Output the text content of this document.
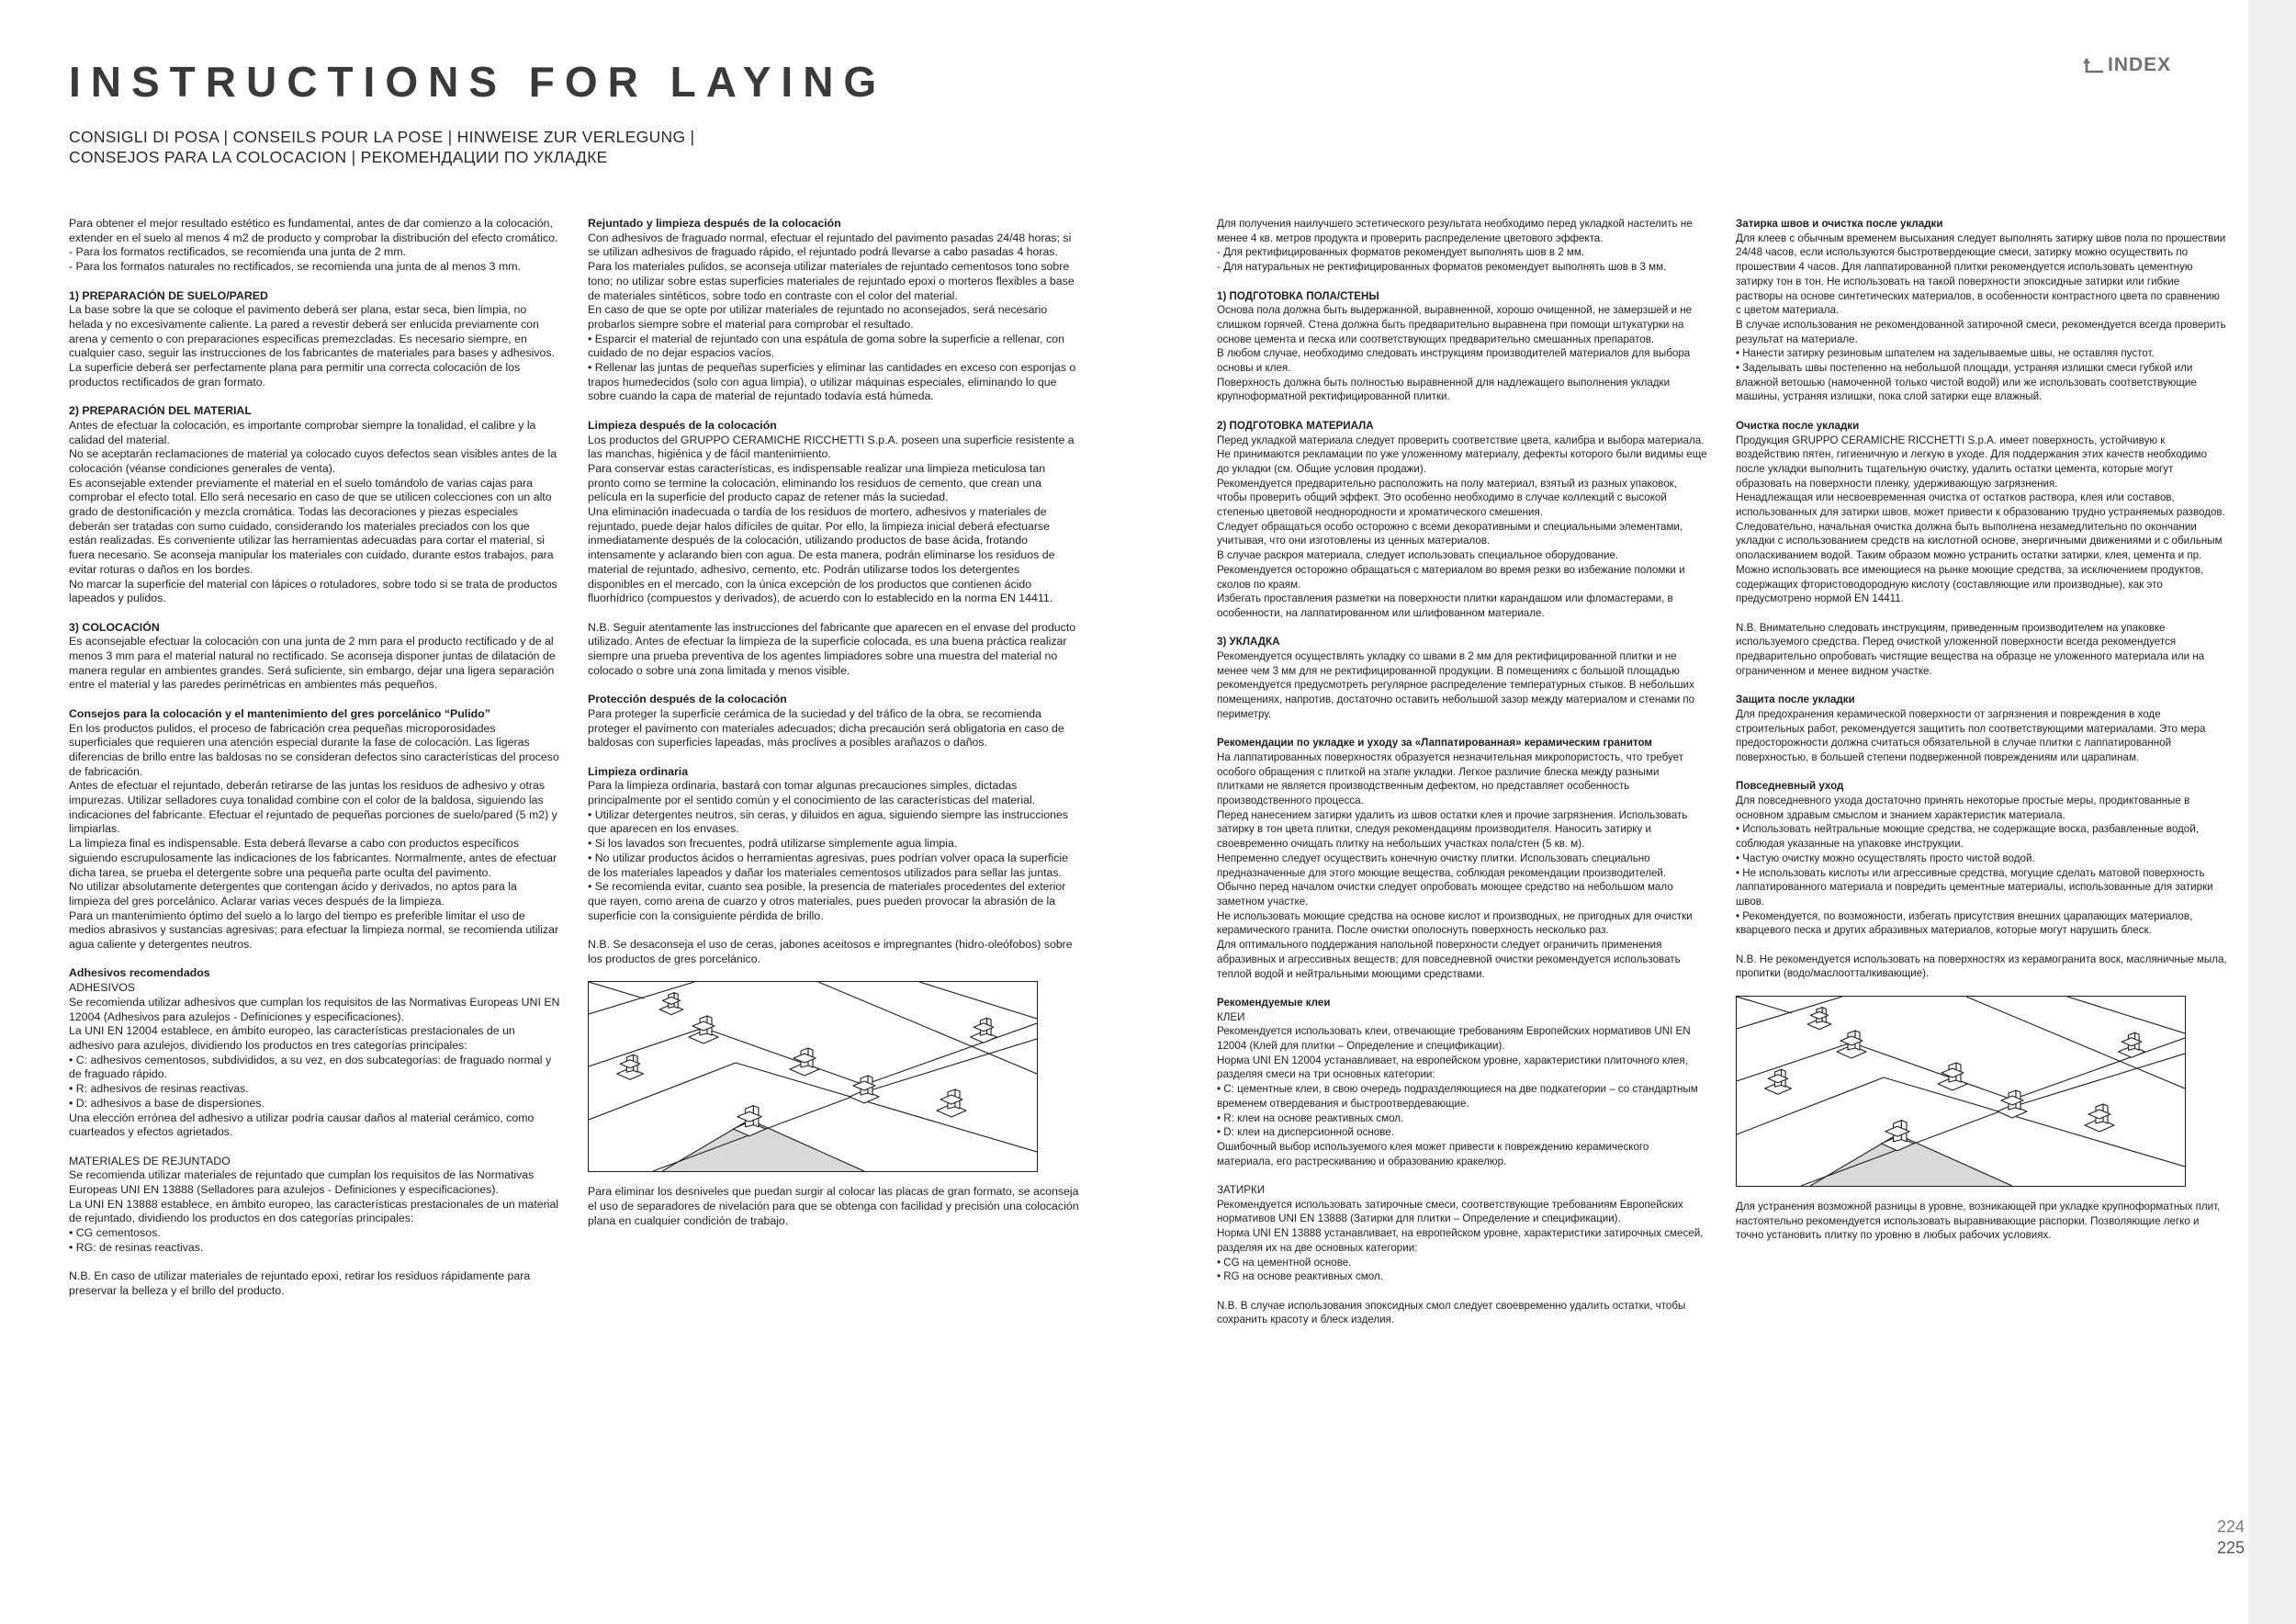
INSTRUCTIONS FOR LAYING
CONSIGLI DI POSA | CONSEILS POUR LA POSE | HINWEISE ZUR VERLEGUNG |
CONSEJOS PARA LA COLOCACION | РЕКОМЕНДАЦИИ ПО УКЛАДКЕ
INDEX
224
225

Para obtener el mejor resultado estético es fundamental, antes de dar comienzo a la colocación, extender en el suelo al menos 4 m2 de producto y comprobar la distribución del efecto cromático.

- Para los formatos rectificados, se recomienda una junta de 2 mm.

- Para los formatos naturales no rectificados, se recomienda una junta de al menos 3 mm.

1) PREPARACIÓN DE SUELO/PARED

La base sobre la que se coloque el pavimento deberá ser plana, estar seca, bien limpia, no helada y no excesivamente caliente. La pared a revestir deberá ser enlucida previamente con arena y cemento o con preparaciones específicas premezcladas. Es necesario siempre, en cualquier caso, seguir las instrucciones de los fabricantes de materiales para bases y adhesivos.

La superficie deberá ser perfectamente plana para permitir una correcta colocación de los productos rectificados de gran formato.

2) PREPARACIÓN DEL MATERIAL

Antes de efectuar la colocación, es importante comprobar siempre la tonalidad, el calibre y la calidad del material.

No se aceptarán reclamaciones de material ya colocado cuyos defectos sean visibles antes de la colocación (véanse condiciones generales de venta).

Es aconsejable extender previamente el material en el suelo tomándolo de varias cajas para comprobar el efecto total. Ello será necesario en caso de que se utilicen colecciones con un alto grado de destonificación y mezcla cromática. Todas las decoraciones y piezas especiales deberán ser tratadas con sumo cuidado, considerando los materiales preciados con los que están realizadas. Es conveniente utilizar las herramientas adecuadas para cortar el material, si fuera necesario. Se aconseja manipular los materiales con cuidado, durante estos trabajos, para evitar roturas o daños en los bordes.

No marcar la superficie del material con lápices o rotuladores, sobre todo si se trata de productos lapeados y pulidos.

3) COLOCACIÓN

Es aconsejable efectuar la colocación con una junta de 2 mm para el producto rectificado y de al menos 3 mm para el material natural no rectificado. Se aconseja disponer juntas de dilatación de manera regular en ambientes grandes. Será suficiente, sin embargo, dejar una ligera separación entre el material y las paredes perimétricas en ambientes más pequeños.

Consejos para la colocación y el mantenimiento del gres porcelánico “Pulido”

En los productos pulidos, el proceso de fabricación crea pequeñas microporosidades superficiales que requieren una atención especial durante la fase de colocación. Las ligeras diferencias de brillo entre las baldosas no se consideran defectos sino características del proceso de fabricación.

Antes de efectuar el rejuntado, deberán retirarse de las juntas los residuos de adhesivo y otras impurezas. Utilizar selladores cuya tonalidad combine con el color de la baldosa, siguiendo las indicaciones del fabricante. Efectuar el rejuntado de pequeñas porciones de suelo/pared (5 m2) y limpiarlas.

La limpieza final es indispensable. Esta deberá llevarse a cabo con productos específicos siguiendo escrupulosamente las indicaciones de los fabricantes. Normalmente, antes de efectuar dicha tarea, se prueba el detergente sobre una pequeña parte oculta del pavimento.

No utilizar absolutamente detergentes que contengan ácido y derivados, no aptos para la limpieza del gres porcelánico. Aclarar varias veces después de la limpieza.

Para un mantenimiento óptimo del suelo a lo largo del tiempo es preferible limitar el uso de medios abrasivos y sustancias agresivas; para efectuar la limpieza normal, se recomienda utilizar agua caliente y detergentes neutros.

Adhesivos recomendados

ADHESIVOS

Se recomienda utilizar adhesivos que cumplan los requisitos de las Normativas Europeas UNI EN 12004 (Adhesivos para azulejos - Definiciones y especificaciones).

La UNI EN 12004 establece, en ámbito europeo, las características prestacionales de un adhesivo para azulejos, dividiendo los productos en tres categorías principales:

• C: adhesivos cementosos, subdivididos, a su vez, en dos subcategorías: de fraguado normal y de fraguado rápido.

• R: adhesivos de resinas reactivas.

• D: adhesivos a base de dispersiones.

Una elección errónea del adhesivo a utilizar podría causar daños al material cerámico, como cuarteados y efectos agrietados.

MATERIALES DE REJUNTADO

Se recomienda utilizar materiales de rejuntado que cumplan los requisitos de las Normativas Europeas UNI EN 13888 (Selladores para azulejos - Definiciones y especificaciones).

La UNI EN 13888 establece, en ámbito europeo, las características prestacionales de un material de rejuntado, dividiendo los productos en dos categorías principales:

• CG cementosos.

• RG: de resinas reactivas.

N.B. En caso de utilizar materiales de rejuntado epoxi, retirar los residuos rápidamente para preservar la belleza y el brillo del producto.

Rejuntado y limpieza después de la colocación

Con adhesivos de fraguado normal, efectuar el rejuntado del pavimento pasadas 24/48 horas; si se utilizan adhesivos de fraguado rápido, el rejuntado podrá llevarse a cabo pasadas 4 horas. Para los materiales pulidos, se aconseja utilizar materiales de rejuntado cementosos tono sobre tono; no utilizar sobre estas superficies materiales de rejuntado epoxi o morteros flexibles a base de materiales sintéticos, sobre todo en contraste con el color del material.

En caso de que se opte por utilizar materiales de rejuntado no aconsejados, será necesario probarlos siempre sobre el material para comprobar el resultado.

• Esparcir el material de rejuntado con una espátula de goma sobre la superficie a rellenar, con cuidado de no dejar espacios vacíos.

• Rellenar las juntas de pequeñas superficies y eliminar las cantidades en exceso con esponjas o trapos humedecidos (solo con agua limpia), o utilizar máquinas especiales, eliminando lo que sobre cuando la capa de material de rejuntado todavía está húmeda.

Limpieza después de la colocación

Los productos del GRUPPO CERAMICHE RICCHETTI S.p.A. poseen una superficie resistente a las manchas, higiénica y de fácil mantenimiento.

Para conservar estas características, es indispensable realizar una limpieza meticulosa tan pronto como se termine la colocación, eliminando los residuos de cemento, que crean una película en la superficie del producto capaz de retener más la suciedad.

Una eliminación inadecuada o tardía de los residuos de mortero, adhesivos y materiales de rejuntado, puede dejar halos difíciles de quitar. Por ello, la limpieza inicial deberá efectuarse inmediatamente después de la colocación, utilizando productos de base ácida, frotando intensamente y aclarando bien con agua. De esta manera, podrán eliminarse los residuos de material de rejuntado, adhesivo, cemento, etc. Podrán utilizarse todos los detergentes disponibles en el mercado, con la única excepción de los productos que contienen ácido fluorhídrico (compuestos y derivados), de acuerdo con lo establecido en la norma EN 14411.

N.B. Seguir atentamente las instrucciones del fabricante que aparecen en el envase del producto utilizado. Antes de efectuar la limpieza de la superficie colocada, es una buena práctica realizar siempre una prueba preventiva de los agentes limpiadores sobre una muestra del material no colocado o sobre una zona limitada y menos visible.

Protección después de la colocación

Para proteger la superficie cerámica de la suciedad y del tráfico de la obra, se recomienda proteger el pavimento con materiales adecuados; dicha precaución será obligatoria en caso de baldosas con superficies lapeadas, más proclives a posibles arañazos o daños.

Limpieza ordinaria

Para la limpieza ordinaria, bastará con tomar algunas precauciones simples, dictadas principalmente por el sentido común y el conocimiento de las características del material.

• Utilizar detergentes neutros, sin ceras, y diluidos en agua, siguiendo siempre las instrucciones que aparecen en los envases.

• Si los lavados son frecuentes, podrá utilizarse simplemente agua limpia.

• No utilizar productos ácidos o herramientas agresivas, pues podrían volver opaca la superficie de los materiales lapeados y dañar los materiales cementosos utilizados para sellar las juntas.

• Se recomienda evitar, cuanto sea posible, la presencia de materiales procedentes del exterior que rayen, como arena de cuarzo y otros materiales, pues pueden provocar la abrasión de la superficie con la consiguiente pérdida de brillo.

N.B. Se desaconseja el uso de ceras, jabones aceitosos e impregnantes (hidro-oleófobos) sobre los productos de gres porcelánico.

Para eliminar los desniveles que puedan surgir al colocar las placas de gran formato, se aconseja el uso de separadores de nivelación para que se obtenga con facilidad y precisión una colocación plana en cualquier condición de trabajo.

Для получения наилучшего эстетического результата необходимо перед укладкой настелить не менее 4 кв. метров продукта и проверить распределение цветового эффекта.

- Для ректифицированных форматов рекомендует выполнять шов в 2 мм.

- Для натуральных не ректифицированных форматов рекомендует выполнять шов в 3 мм.

1) ПОДГОТОВКА ПОЛА/СТЕНЫ

Основа пола должна быть выдержанной, выравненной, хорошо очищенной, не замерзшей и не слишком горячей. Стена должна быть предварительно выравнена при помощи штукатурки на основе цемента и песка или соответствующих предварительно смешанных препаратов.

В любом случае, необходимо следовать инструкциям производителей материалов для выбора основы и клея.

Поверхность должна быть полностью выравненной для надлежащего выполнения укладки крупноформатной ректифицированной плитки.

2) ПОДГОТОВКА МАТЕРИАЛА

Перед укладкой материала следует проверить соответствие цвета, калибра и выбора материала.

Не принимаются рекламации по уже уложенному материалу, дефекты которого были видимы еще до укладки (см. Общие условия продажи).

Рекомендуется предварительно расположить на полу материал, взятый из разных упаковок, чтобы проверить общий эффект. Это особенно необходимо в случае коллекций с высокой степенью цветовой неоднородности и хроматического смешения.

Следует обращаться особо осторожно с всеми декоративными и специальными элементами, учитывая, что они изготовлены из ценных материалов.

В случае раскроя материала, следует использовать специальное оборудование.

Рекомендуется осторожно обращаться с материалом во время резки во избежание поломки и сколов по краям.

Избегать проставления разметки на поверхности плитки карандашом или фломастерами, в особенности, на лаппатированном или шлифованном материале.

3) УКЛАДКА

Рекомендуется осуществлять укладку со швами в 2 мм для ректифицированной плитки и не менее чем 3 мм для не ректифицированной продукции. В помещениях с большой площадью рекомендуется предусмотреть регулярное распределение температурных стыков. В небольших помещениях, напротив, достаточно оставить небольшой зазор между материалом и стенами по периметру.

Рекомендации по укладке и уходу за «Лаппатированная» керамическим гранитом

На лаппатированных поверхностях образуется незначительная микропористость, что требует особого обращения с плиткой на этапе укладки. Легкое различие блеска между разными плитками не является производственным дефектом, но представляет особенность производственного процесса.

Перед нанесением затирки удалить из швов остатки клея и прочие загрязнения. Использовать затирку в тон цвета плитки, следуя рекомендациям производителя. Наносить затирку и своевременно очищать плитку на небольших участках пола/стен (5 кв. м).

Непременно следует осуществить конечную очистку плитки. Использовать специально предназначенные для этого моющие вещества, соблюдая рекомендации производителей.

Обычно перед началом очистки следует опробовать моющее средство на небольшом мало заметном участке.

Не использовать моющие средства на основе кислот и производных, не пригодных для очистки керамического гранита. После очистки ополоснуть поверхность несколько раз.

Для оптимального поддержания напольной поверхности следует ограничить применения абразивных и агрессивных веществ; для повседневной очистки рекомендуется использовать теплой водой и нейтральными моющими средствами.

Рекомендуемые клеи

КЛЕИ

Рекомендуется использовать клеи, отвечающие требованиям Европейских нормативов UNI EN 12004 (Клей для плитки – Определение и спецификации).

Норма UNI EN 12004 устанавливает, на европейском уровне, характеристики плиточного клея, разделяя смеси на три основных категории:

• С: цементные клеи, в свою очередь подразделяющиеся на две подкатегории – со стандартным временем отвердевания и быстроотвердевающие.

• R: клеи на основе реактивных смол.

• D: клеи на дисперсионной основе.

Ошибочный выбор используемого клея может привести к повреждению керамического материала, его растрескиванию и образованию кракелюр.

ЗАТИРКИ

Рекомендуется использовать затирочные смеси, соответствующие требованиям Европейских нормативов UNI EN 13888 (Затирки для плитки – Определение и спецификации).

Норма UNI EN 13888 устанавливает, на европейском уровне, характеристики затирочных смесей, разделяя их на две основных категории:

• CG на цементной основе.

• RG на основе реактивных смол.

N.B. В случае использования эпоксидных смол следует своевременно удалить остатки, чтобы сохранить красоту и блеск изделия.

Затирка швов и очистка после укладки

Для клеев с обычным временем высыхания следует выполнять затирку швов пола по прошествии 24/48 часов, если используются быстротвердеющие смеси, затирку можно осуществить по прошествии 4 часов. Для лаппатированной плитки рекомендуется использовать цементную затирку тон в тон. Не использовать на такой поверхности эпоксидные затирки или гибкие растворы на основе синтетических материалов, в особенности контрастного цвета по сравнению с цветом материала.

В случае использования не рекомендованной затирочной смеси, рекомендуется всегда проверить результат на материале.

• Нанести затирку резиновым шпателем на заделываемые швы, не оставляя пустот.

• Заделывать швы постепенно на небольшой площади, устраняя излишки смеси губкой или влажной ветошью (намоченной только чистой водой) или же использовать соответствующие машины, устраняя излишки, пока слой затирки еще влажный.

Очистка после укладки

Продукция GRUPPO CERAMICHE RICCHETTI S.p.A. имеет поверхность, устойчивую к воздействию пятен, гигиеничную и легкую в уходе. Для поддержания этих качеств необходимо после укладки выполнить тщательную очистку, удалить остатки цемента, которые могут образовать на поверхности пленку, удерживающую загрязнения.

Ненадлежащая или несвоевременная очистка от остатков раствора, клея или составов, использованных для затирки швов, может привести к образованию трудно устраняемых разводов. Следовательно, начальная очистка должна быть выполнена незамедлительно по окончании укладки с использованием средств на кислотной основе, энергичными движениями и с обильным ополаскиванием водой. Таким образом можно устранить остатки затирки, клея, цемента и пр. Можно использовать все имеющиеся на рынке моющие средства, за исключением продуктов, содержащих фтористоводородную кислоту (составляющие или производные), как это предусмотрено нормой EN 14411.

N.B. Внимательно следовать инструкциям, приведенным производителем на упаковке используемого средства. Перед очисткой уложенной поверхности всегда рекомендуется предварительно опробовать чистящие вещества на образце не уложенного материала или на ограниченном и менее видном участке.

Защита после укладки

Для предохранения керамической поверхности от загрязнения и повреждения в ходе строительных работ, рекомендуется защитить пол соответствующими материалами. Это мера предосторожности должна считаться обязательной в случае плитки с лаппатированной поверхностью, в большей степени подверженной повреждениям или царапинам.

Повседневный уход

Для повседневного ухода достаточно принять некоторые простые меры, продиктованные в основном здравым смыслом и знанием характеристик материала.

• Использовать нейтральные моющие средства, не содержащие воска, разбавленные водой, соблюдая указанные на упаковке инструкции.

• Частую очистку можно осуществлять просто чистой водой.

• Не использовать кислоты или агрессивные средства, могущие сделать матовой поверхность лаппатированного материала и повредить цементные материалы, использованные для затирки швов.

• Рекомендуется, по возможности, избегать присутствия внешних царапающих материалов, кварцевого песка и других абразивных материалов, которые могут нарушить блеск.

N.B. Не рекомендуется использовать на поверхностях из керамогранита воск, масляничные мыла, пропитки (водо/маслоотталкивающие).

Для устранения возможной разницы в уровне, возникающей при укладке крупноформатных плит, настоятельно рекомендуется использовать выравнивающие распорки. Позволяющие легко и точно установить плитку по уровню в любых рабочих условиях.
